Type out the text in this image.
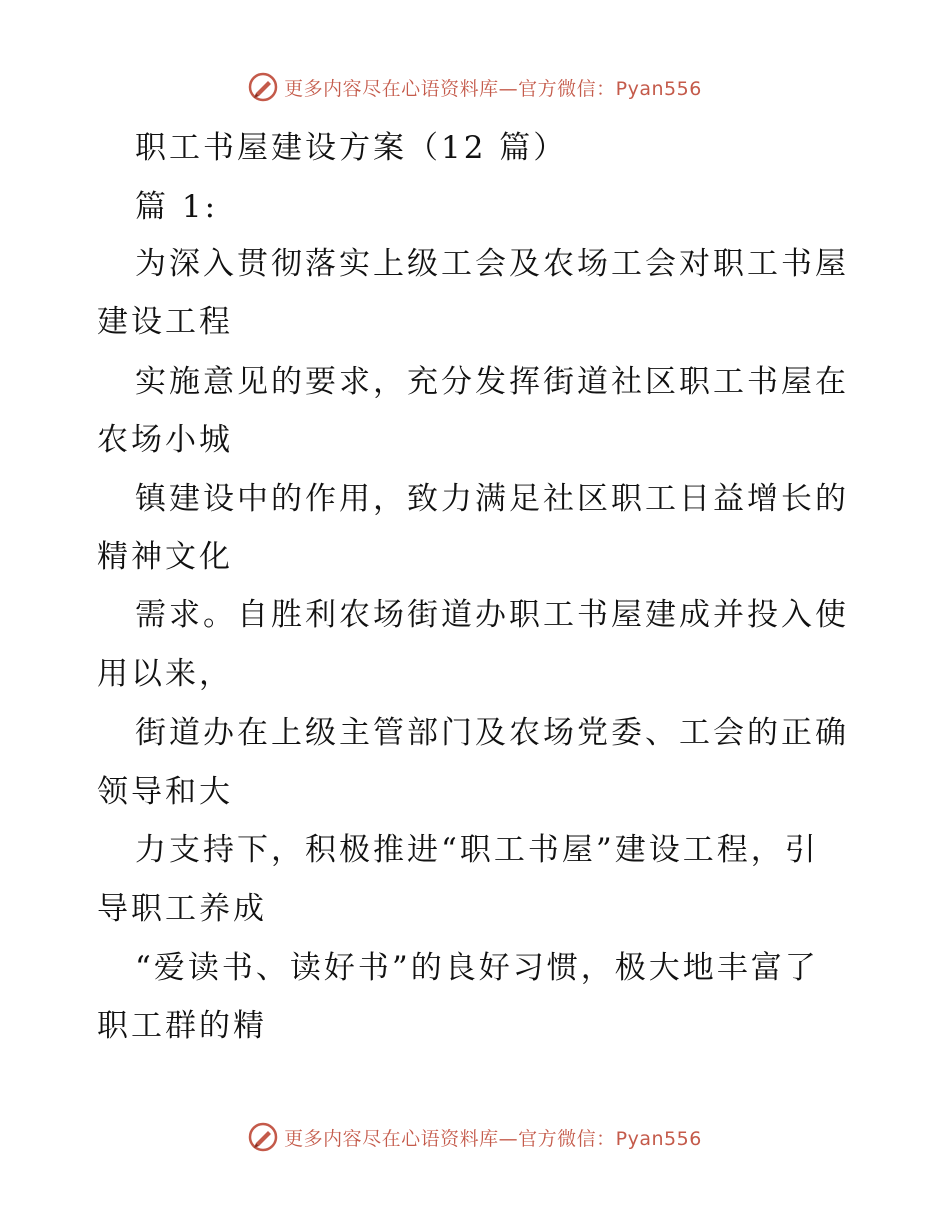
更多内容尽在心语资料库—官方微信：Pyan556
职工书屋建设方案（12 篇）
篇 1:
为深入贯彻落实上级工会及农场工会对职工书屋
建设工程
实施意见的要求，充分发挥街道社区职工书屋在
农场小城
镇建设中的作用，致力满足社区职工日益增长的
精神文化
需求。自胜利农场街道办职工书屋建成并投入使
用以来，
街道办在上级主管部门及农场党委、工会的正确
领导和大
力支持下，积极推进“职工书屋”建设工程，引
导职工养成
“爱读书、读好书”的良好习惯，极大地丰富了
职工群的精
更多内容尽在心语资料库—官方微信：Pyan556
